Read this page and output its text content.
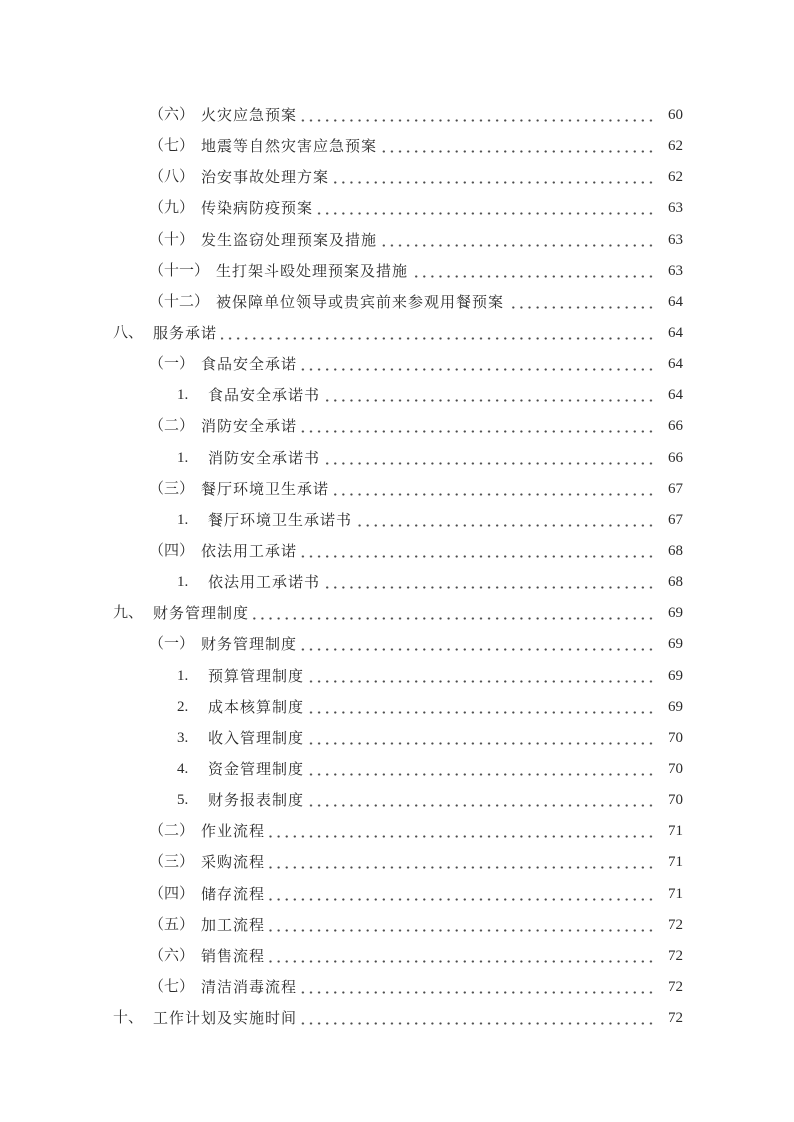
（六） 火灾应急预案	60
（七） 地震等自然灾害应急预案	62
（八） 治安事故处理方案	62
（九） 传染病防疫预案	63
（十） 发生盗窃处理预案及措施	63
（十一） 生打架斗殴处理预案及措施	63
（十二） 被保障单位领导或贵宾前来参观用餐预案	64
八、 服务承诺	64
（一） 食品安全承诺	64
1.	食品安全承诺书	64
（二） 消防安全承诺	66
1.	消防安全承诺书	66
（三） 餐厅环境卫生承诺	67
1.	餐厅环境卫生承诺书	67
（四） 依法用工承诺	68
1.	依法用工承诺书	68
九、 财务管理制度	69
（一） 财务管理制度	69
1.	预算管理制度	69
2.	成本核算制度	69
3.	收入管理制度	70
4.	资金管理制度	70
5.	财务报表制度	70
（二） 作业流程	71
（三） 采购流程	71
（四） 储存流程	71
（五） 加工流程	72
（六） 销售流程	72
（七） 清洁消毒流程	72
十、 工作计划及实施时间	72
